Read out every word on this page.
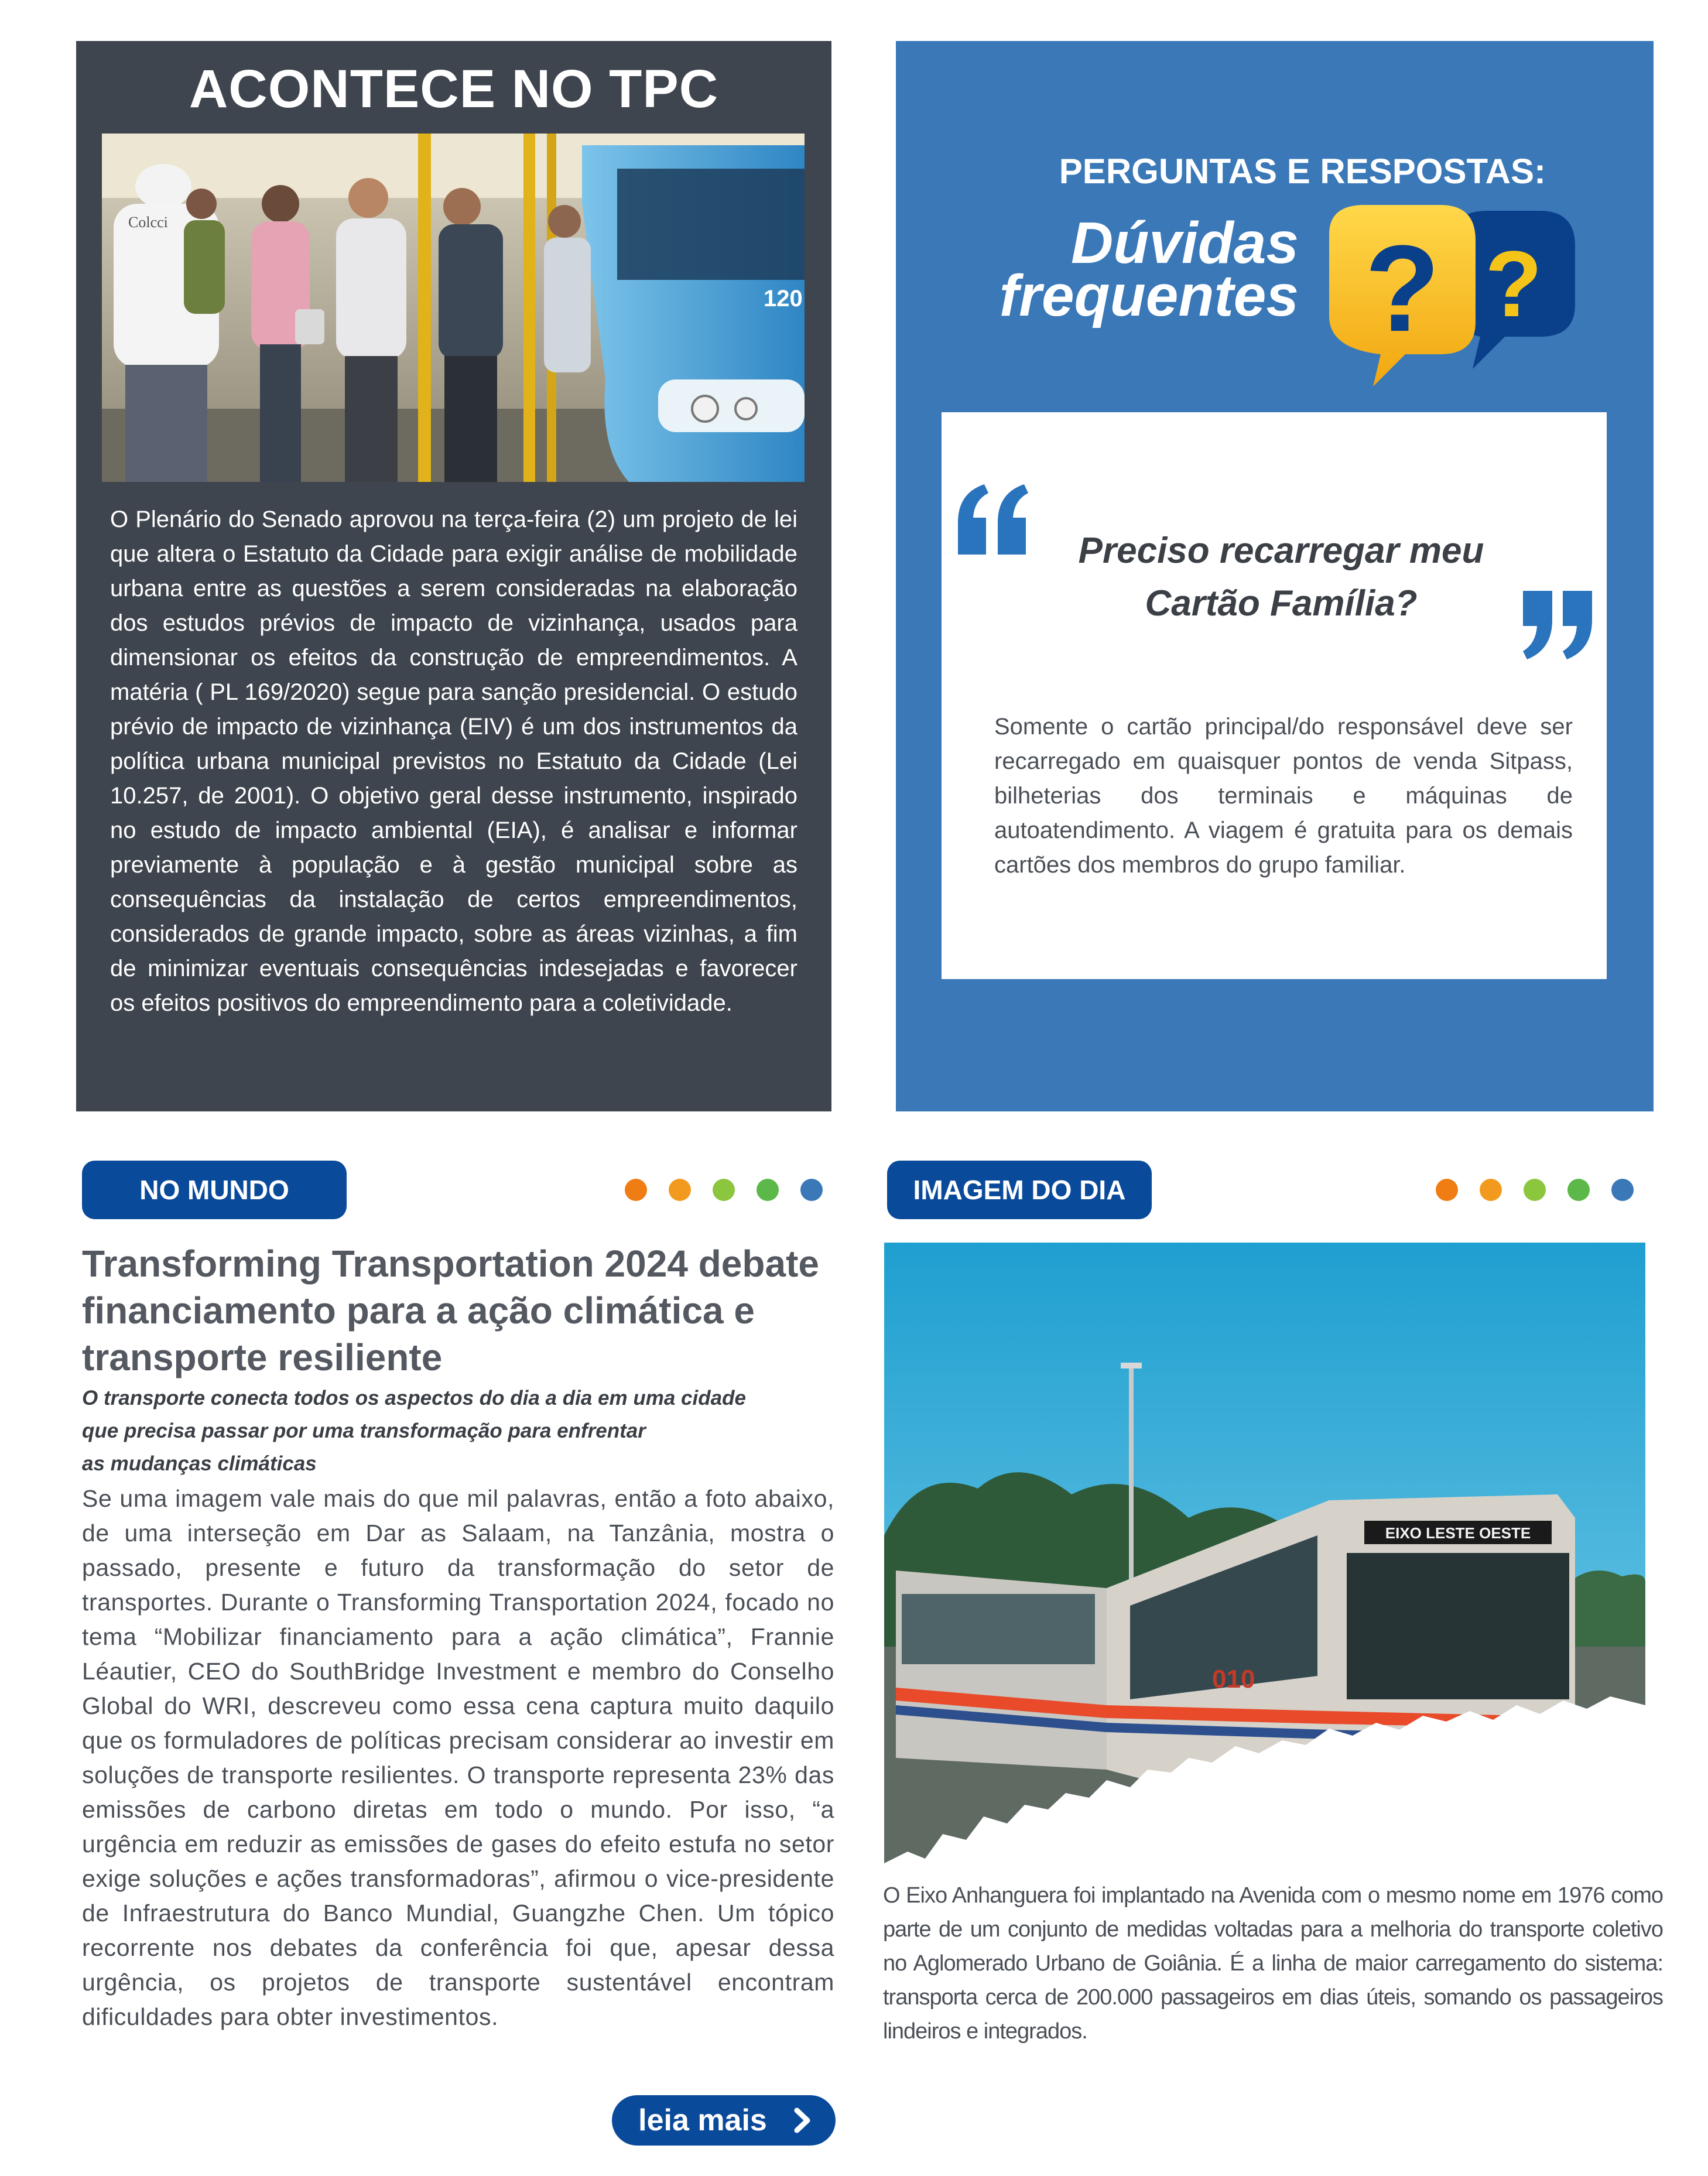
ACONTECE NO TPC
120
Colcci
O Plenário do Senado aprovou na terça-feira (2) um projeto de lei que altera o Estatuto da Cidade para exigir análise de mobilidade urbana entre as questões a serem consideradas na elaboração dos estudos prévios de impacto de vizinhança, usados para dimensionar os efeitos da construção de empreendimentos. A matéria ( PL 169/2020) segue para sanção presidencial. O estudo prévio de impacto de vizinhança (EIV) é um dos instrumentos da política urbana municipal previstos no Estatuto da Cidade (Lei 10.257, de 2001). O objetivo geral desse instrumento, inspirado no estudo de impacto ambiental (EIA), é analisar e informar previamente à população e à gestão municipal sobre as consequências da instalação de certos empreendimentos, considerados de grande impacto, sobre as áreas vizinhas, a fim de minimizar eventuais consequências indesejadas e favorecer os efeitos positivos do empreendimento para a coletividade.
PERGUNTAS E RESPOSTAS:
Dúvidas
frequentes ?
?
Preciso recarregar meu
Cartão Família?
Somente o cartão principal/do responsável deve ser recarregado em quaisquer pontos de venda Sitpass, bilheterias dos terminais e máquinas de autoatendimento. A viagem é gratuita para os demais cartões dos membros do grupo familiar.
NO MUNDO
Transforming Transportation 2024 debate financiamento para a ação climática e transporte resiliente
O transporte conecta todos os aspectos do dia a dia em uma cidade
que precisa passar por uma transformação para enfrentar
as mudanças climáticas
Se uma imagem vale mais do que mil palavras, então a foto abaixo, de uma interseção em Dar as Salaam, na Tanzânia, mostra o passado, presente e futuro da transformação do setor de transportes. Durante o Transforming Transportation 2024, focado no tema “Mobilizar financiamento para a ação climática”, Frannie Léautier, CEO do SouthBridge Investment e membro do Conselho Global do WRI, descreveu como essa cena captura muito daquilo que os formuladores de políticas precisam considerar ao investir em soluções de transporte resilientes. O transporte representa 23% das emissões de carbono diretas em todo o mundo. Por isso, “a urgência em reduzir as emissões de gases do efeito estufa no setor exige soluções e ações transformadoras”, afirmou o vice-presidente de Infraestrutura do Banco Mundial, Guangzhe Chen. Um tópico recorrente nos debates da conferência foi que, apesar dessa urgência, os projetos de transporte sustentável encontram dificuldades para obter investimentos.
leia mais
IMAGEM DO DIA
EIXO LESTE OESTE
010
O Eixo Anhanguera foi implantado na Avenida com o mesmo nome em 1976 como parte de um conjunto de medidas voltadas para a melhoria do transporte coletivo no Aglomerado Urbano de Goiânia. É a linha de maior carregamento do sistema: transporta cerca de 200.000 passageiros em dias úteis, somando os passageiros lindeiros e integrados.
